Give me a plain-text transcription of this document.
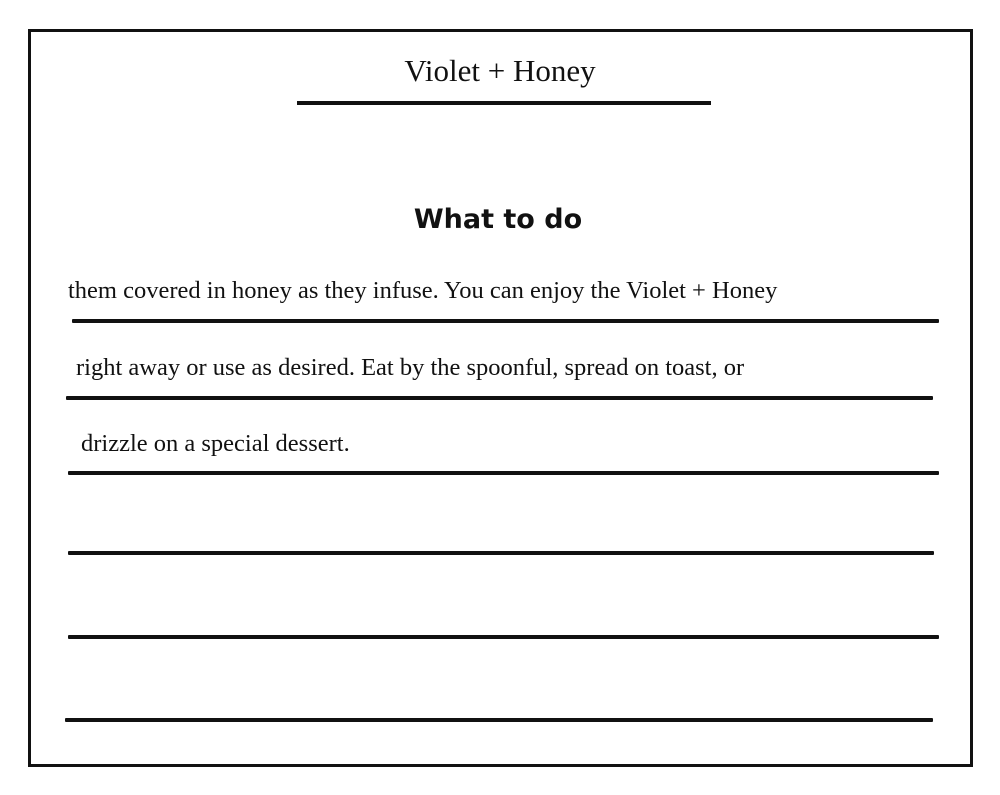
Violet + Honey
What to do
them covered in honey as they infuse. You can enjoy the Violet + Honey
right away or use as desired. Eat by the spoonful, spread on toast, or
drizzle on a special dessert.
